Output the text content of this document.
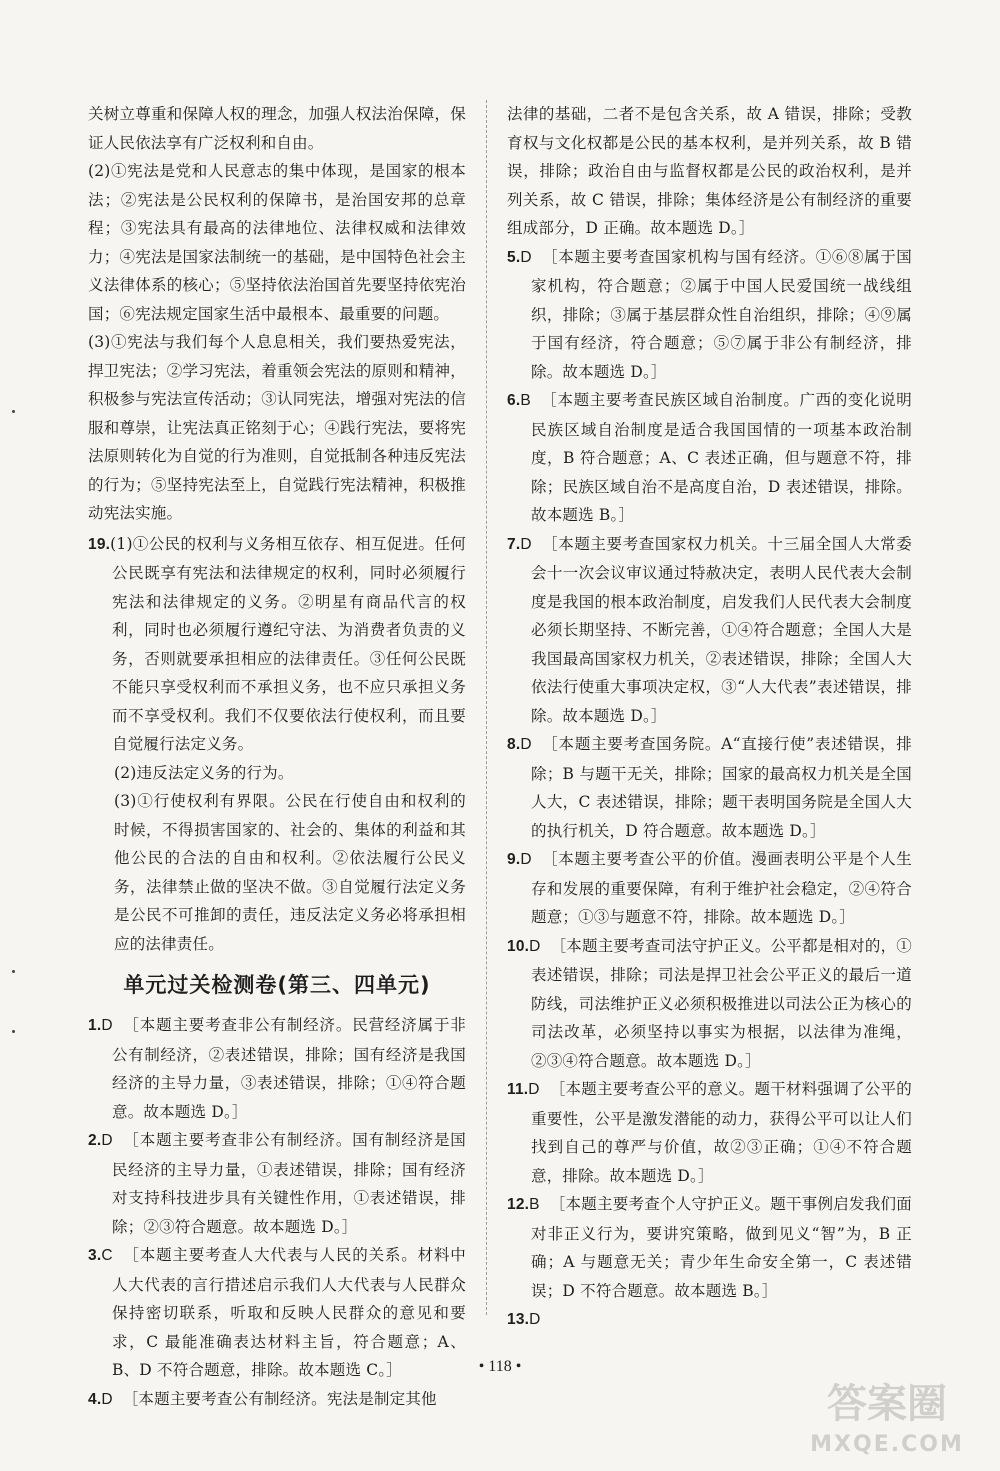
关树立尊重和保障人权的理念，加强人权法治保障，保证人民依法享有广泛权利和自由。

(2)①宪法是党和人民意志的集中体现，是国家的根本法；②宪法是公民权利的保障书，是治国安邦的总章程；③宪法具有最高的法律地位、法律权威和法律效力；④宪法是国家法制统一的基础，是中国特色社会主义法律体系的核心；⑤坚持依法治国首先要坚持依宪治国；⑥宪法规定国家生活中最根本、最重要的问题。

(3)①宪法与我们每个人息息相关，我们要热爱宪法，捍卫宪法；②学习宪法，着重领会宪法的原则和精神，积极参与宪法宣传活动；③认同宪法，增强对宪法的信服和尊崇，让宪法真正铭刻于心；④践行宪法，要将宪法原则转化为自觉的行为准则，自觉抵制各种违反宪法的行为；⑤坚持宪法至上，自觉践行宪法精神，积极推动宪法实施。

19.(1)①公民的权利与义务相互依存、相互促进。任何公民既享有宪法和法律规定的权利，同时必须履行宪法和法律规定的义务。②明星有商品代言的权利，同时也必须履行遵纪守法、为消费者负责的义务，否则就要承担相应的法律责任。③任何公民既不能只享受权利而不承担义务，也不应只承担义务而不享受权利。我们不仅要依法行使权利，而且要自觉履行法定义务。

(2)违反法定义务的行为。

(3)①行使权利有界限。公民在行使自由和权利的时候，不得损害国家的、社会的、集体的利益和其他公民的合法的自由和权利。②依法履行公民义务，法律禁止做的坚决不做。③自觉履行法定义务是公民不可推卸的责任，违反法定义务必将承担相应的法律责任。

单元过关检测卷(第三、四单元)

1.D ［本题主要考查非公有制经济。民营经济属于非公有制经济，②表述错误，排除；国有经济是我国经济的主导力量，③表述错误，排除；①④符合题意。故本题选 D。］

2.D ［本题主要考查非公有制经济。国有制经济是国民经济的主导力量，①表述错误，排除；国有经济对支持科技进步具有关键性作用，①表述错误，排除；②③符合题意。故本题选 D。］

3.C ［本题主要考查人大代表与人民的关系。材料中人大代表的言行措述启示我们人大代表与人民群众保持密切联系，听取和反映人民群众的意见和要求，C 最能准确表达材料主旨，符合题意；A、B、D 不符合题意，排除。故本题选 C。］

4.D ［本题主要考查公有制经济。宪法是制定其他

法律的基础，二者不是包含关系，故 A 错误，排除；受教育权与文化权都是公民的基本权利，是并列关系，故 B 错误，排除；政治自由与监督权都是公民的政治权利，是并列关系，故 C 错误，排除；集体经济是公有制经济的重要组成部分，D 正确。故本题选 D。］

5.D ［本题主要考查国家机构与国有经济。①⑥⑧属于国家机构，符合题意；②属于中国人民爱国统一战线组织，排除；③属于基层群众性自治组织，排除；④⑨属于国有经济，符合题意；⑤⑦属于非公有制经济，排除。故本题选 D。］

6.B ［本题主要考查民族区域自治制度。广西的变化说明民族区域自治制度是适合我国国情的一项基本政治制度，B 符合题意；A、C 表述正确，但与题意不符，排除；民族区域自治不是高度自治，D 表述错误，排除。故本题选 B。］

7.D ［本题主要考查国家权力机关。十三届全国人大常委会十一次会议审议通过特赦决定，表明人民代表大会制度是我国的根本政治制度，启发我们人民代表大会制度必须长期坚持、不断完善，①④符合题意；全国人大是我国最高国家权力机关，②表述错误，排除；全国人大依法行使重大事项决定权，③“人大代表”表述错误，排除。故本题选 D。］

8.D ［本题主要考查国务院。A“直接行使”表述错误，排除；B 与题干无关，排除；国家的最高权力机关是全国人大，C 表述错误，排除；题干表明国务院是全国人大的执行机关，D 符合题意。故本题选 D。］

9.D ［本题主要考查公平的价值。漫画表明公平是个人生存和发展的重要保障，有利于维护社会稳定，②④符合题意；①③与题意不符，排除。故本题选 D。］

10.D ［本题主要考查司法守护正义。公平都是相对的，①表述错误，排除；司法是捍卫社会公平正义的最后一道防线，司法维护正义必须积极推进以司法公正为核心的司法改革，必须坚持以事实为根据，以法律为准绳，②③④符合题意。故本题选 D。］

11.D ［本题主要考查公平的意义。题干材料强调了公平的重要性，公平是激发潜能的动力，获得公平可以让人们找到自己的尊严与价值，故②③正确；①④不符合题意，排除。故本题选 D。］

12.B ［本题主要考查个人守护正义。题干事例启发我们面对非正义行为，要讲究策略，做到见义“智”为，B 正确；A 与题意无关；青少年生命安全第一，C 表述错误；D 不符合题意。故本题选 B。］

13.D

• 118 •
答案圈
MXQE.COM
